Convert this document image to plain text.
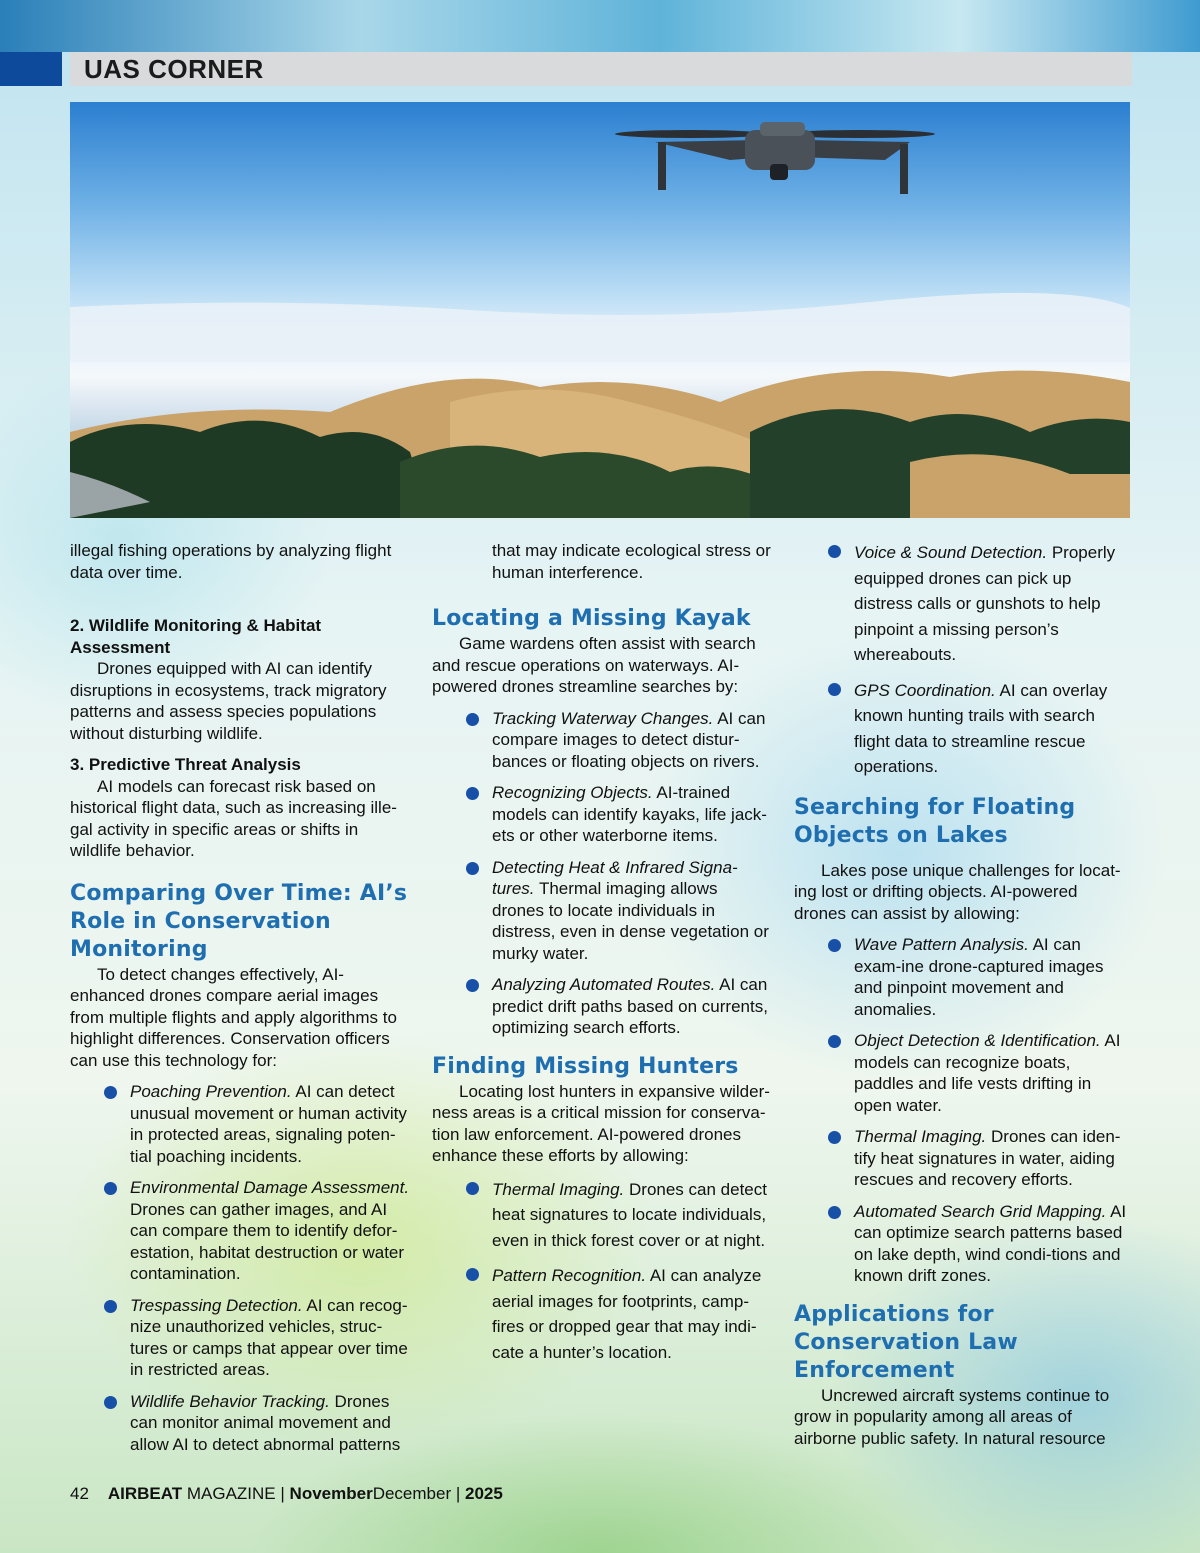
UAS CORNER

illegal fishing operations by analyzing flight data over time.

2. Wildlife Monitoring & Habitat Assessment

Drones equipped with AI can identify disruptions in ecosystems, track migratory patterns and assess species populations without disturbing wildlife.

3. Predictive Threat Analysis

AI models can forecast risk based on historical flight data, such as increasing ille-gal activity in specific areas or shifts in wildlife behavior.

Comparing Over Time: AI’s Role in Conservation Monitoring

To detect changes effectively, AI-enhanced drones compare aerial images from multiple flights and apply algorithms to highlight differences. Conservation officers can use this technology for:

Poaching Prevention. AI can detect unusual movement or human activity in protected areas, signaling poten-tial poaching incidents.
Environmental Damage Assessment. Drones can gather images, and AI can compare them to identify defor-estation, habitat destruction or water contamination.
Trespassing Detection. AI can recog-nize unauthorized vehicles, struc-tures or camps that appear over time in restricted areas.
Wildlife Behavior Tracking. Drones can monitor animal movement and allow AI to detect abnormal patterns

that may indicate ecological stress or human interference.

Locating a Missing Kayak

Game wardens often assist with search and rescue operations on waterways. AI-powered drones streamline searches by:

Tracking Waterway Changes. AI can compare images to detect distur-bances or floating objects on rivers.
Recognizing Objects. AI-trained models can identify kayaks, life jack-ets or other waterborne items.
Detecting Heat & Infrared Signa-tures. Thermal imaging allows drones to locate individuals in distress, even in dense vegetation or murky water.
Analyzing Automated Routes. AI can predict drift paths based on currents, optimizing search efforts.
Finding Missing Hunters

Locating lost hunters in expansive wilder-ness areas is a critical mission for conserva-tion law enforcement. AI-powered drones enhance these efforts by allowing:

Thermal Imaging. Drones can detect heat signatures to locate individuals, even in thick forest cover or at night.
Pattern Recognition. AI can analyze aerial images for footprints, camp-fires or dropped gear that may indi-cate a hunter’s location.
Voice & Sound Detection. Properly equipped drones can pick up distress calls or gunshots to help pinpoint a missing person’s whereabouts.
GPS Coordination. AI can overlay known hunting trails with search flight data to streamline rescue operations.
Searching for Floating Objects on Lakes

Lakes pose unique challenges for locat-ing lost or drifting objects. AI-powered drones can assist by allowing:

Wave Pattern Analysis. AI can exam-ine drone-captured images and pinpoint movement and anomalies.
Object Detection & Identification. AI models can recognize boats, paddles and life vests drifting in open water.
Thermal Imaging. Drones can iden-tify heat signatures in water, aiding rescues and recovery efforts.
Automated Search Grid Mapping. AI can optimize search patterns based on lake depth, wind condi-tions and known drift zones.
Applications for Conservation Law Enforcement

Uncrewed aircraft systems continue to grow in popularity among all areas of airborne public safety. In natural resource

42 AIRBEAT MAGAZINE | NovemberDecember | 2025
